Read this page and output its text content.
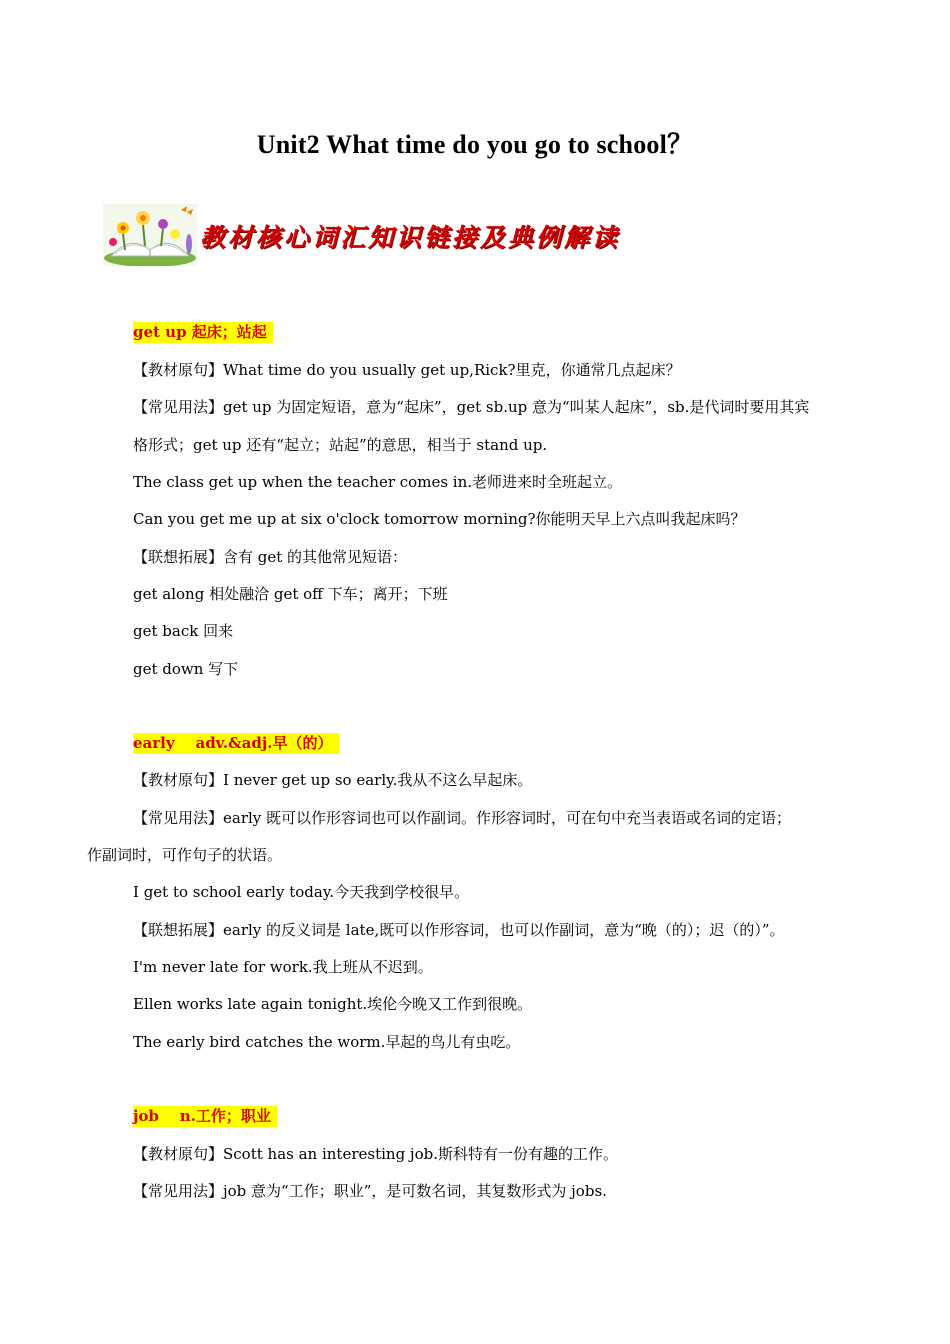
Unit2 What time do you go to school？
教材核心词汇知识链接及典例解读
get up 起床；站起
【教材原句】What time do you usually get up,Rick?里克，你通常几点起床？
【常见用法】get up 为固定短语，意为“起床”，get sb.up 意为“叫某人起床”，sb.是代词时要用其宾
格形式；get up 还有“起立；站起”的意思，相当于 stand up.
The class get up when the teacher comes in.老师进来时全班起立。
Can you get me up at six o'clock tomorrow morning?你能明天早上六点叫我起床吗？
【联想拓展】含有 get 的其他常见短语：
get along 相处融洽 get off 下车；离开；下班
get back 回来
get down 写下
early    adv.&adj.早（的）
【教材原句】I never get up so early.我从不这么早起床。
【常见用法】early 既可以作形容词也可以作副词。作形容词时，可在句中充当表语或名词的定语；
作副词时，可作句子的状语。
I get to school early today.今天我到学校很早。
【联想拓展】early 的反义词是 late,既可以作形容词，也可以作副词，意为“晚（的）；迟（的）”。
I'm never late for work.我上班从不迟到。
Ellen works late again tonight.埃伦今晚又工作到很晚。
The early bird catches the worm.早起的鸟儿有虫吃。
job    n.工作；职业
【教材原句】Scott has an interesting job.斯科特有一份有趣的工作。
【常见用法】job 意为“工作；职业”，是可数名词，其复数形式为 jobs.
